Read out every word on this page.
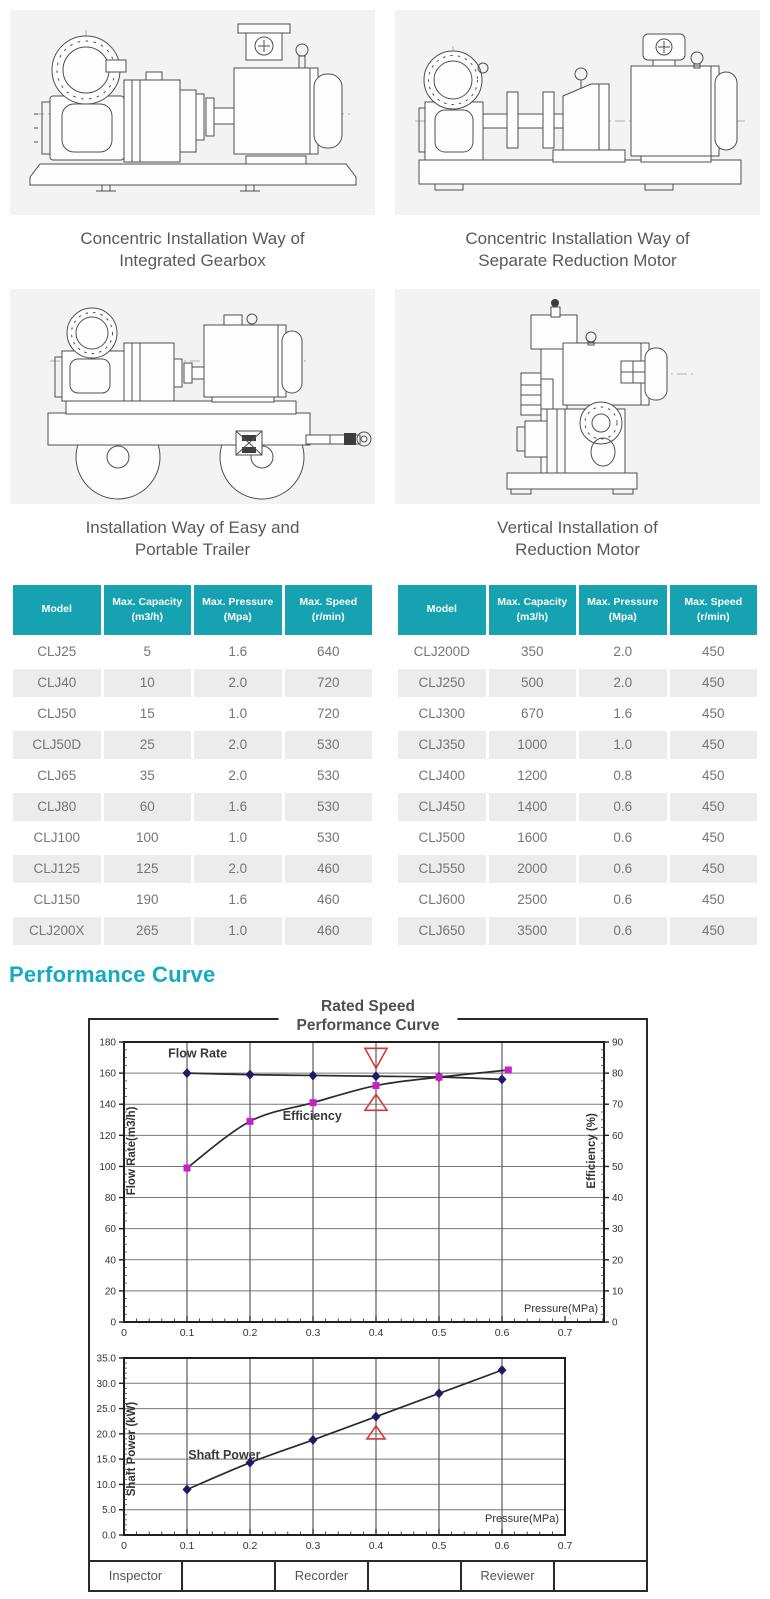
Concentric Installation Way of
Integrated Gearbox
Concentric Installation Way of
Separate Reduction Motor
Installation Way of Easy and
Portable Trailer
Vertical Installation of
Reduction Motor
Model

Max. Capacity
(m3/h)

Max. Pressure
(Mpa)

Max. Speed
(r/min)

CLJ25	5	1.6	640
CLJ40	10	2.0	720
CLJ50	15	1.0	720
CLJ50D	25	2.0	530
CLJ65	35	2.0	530
CLJ80	60	1.6	530
CLJ100	100	1.0	530
CLJ125	125	2.0	460
CLJ150	190	1.6	460
CLJ200X	265	1.0	460
Model

Max. Capacity
(m3/h)

Max. Pressure
(Mpa)

Max. Speed
(r/min)

CLJ200D	350	2.0	450
CLJ250	500	2.0	450
CLJ300	670	1.6	450
CLJ350	1000	1.0	450
CLJ400	1200	0.8	450
CLJ450	1400	0.6	450
CLJ500	1600	0.6	450
CLJ550	2000	0.6	450
CLJ600	2500	0.6	450
CLJ650	3500	0.6	450
Performance Curve
Rated Speed
Performance Curve
0
20
40
60
80
100
120
140
160
180
0
10
20
30
40
50
60
70
80
90
Efficiency (%)
Flow Rate(m3/h)
0	0.1	0.2	0.3	0.4	0.5	0.6	0.7
Pressure(MPa)
Flow Rate
Efficiency
0.0
5.0
10.0
15.0
20.0
25.0
30.0
35.0
Shaft Power (kW)
0	0.1	0.2	0.3	0.4	0.5	0.6	0.7
Pressure(MPa)
Shaft Power
Inspector	Recorder	Reviewer
